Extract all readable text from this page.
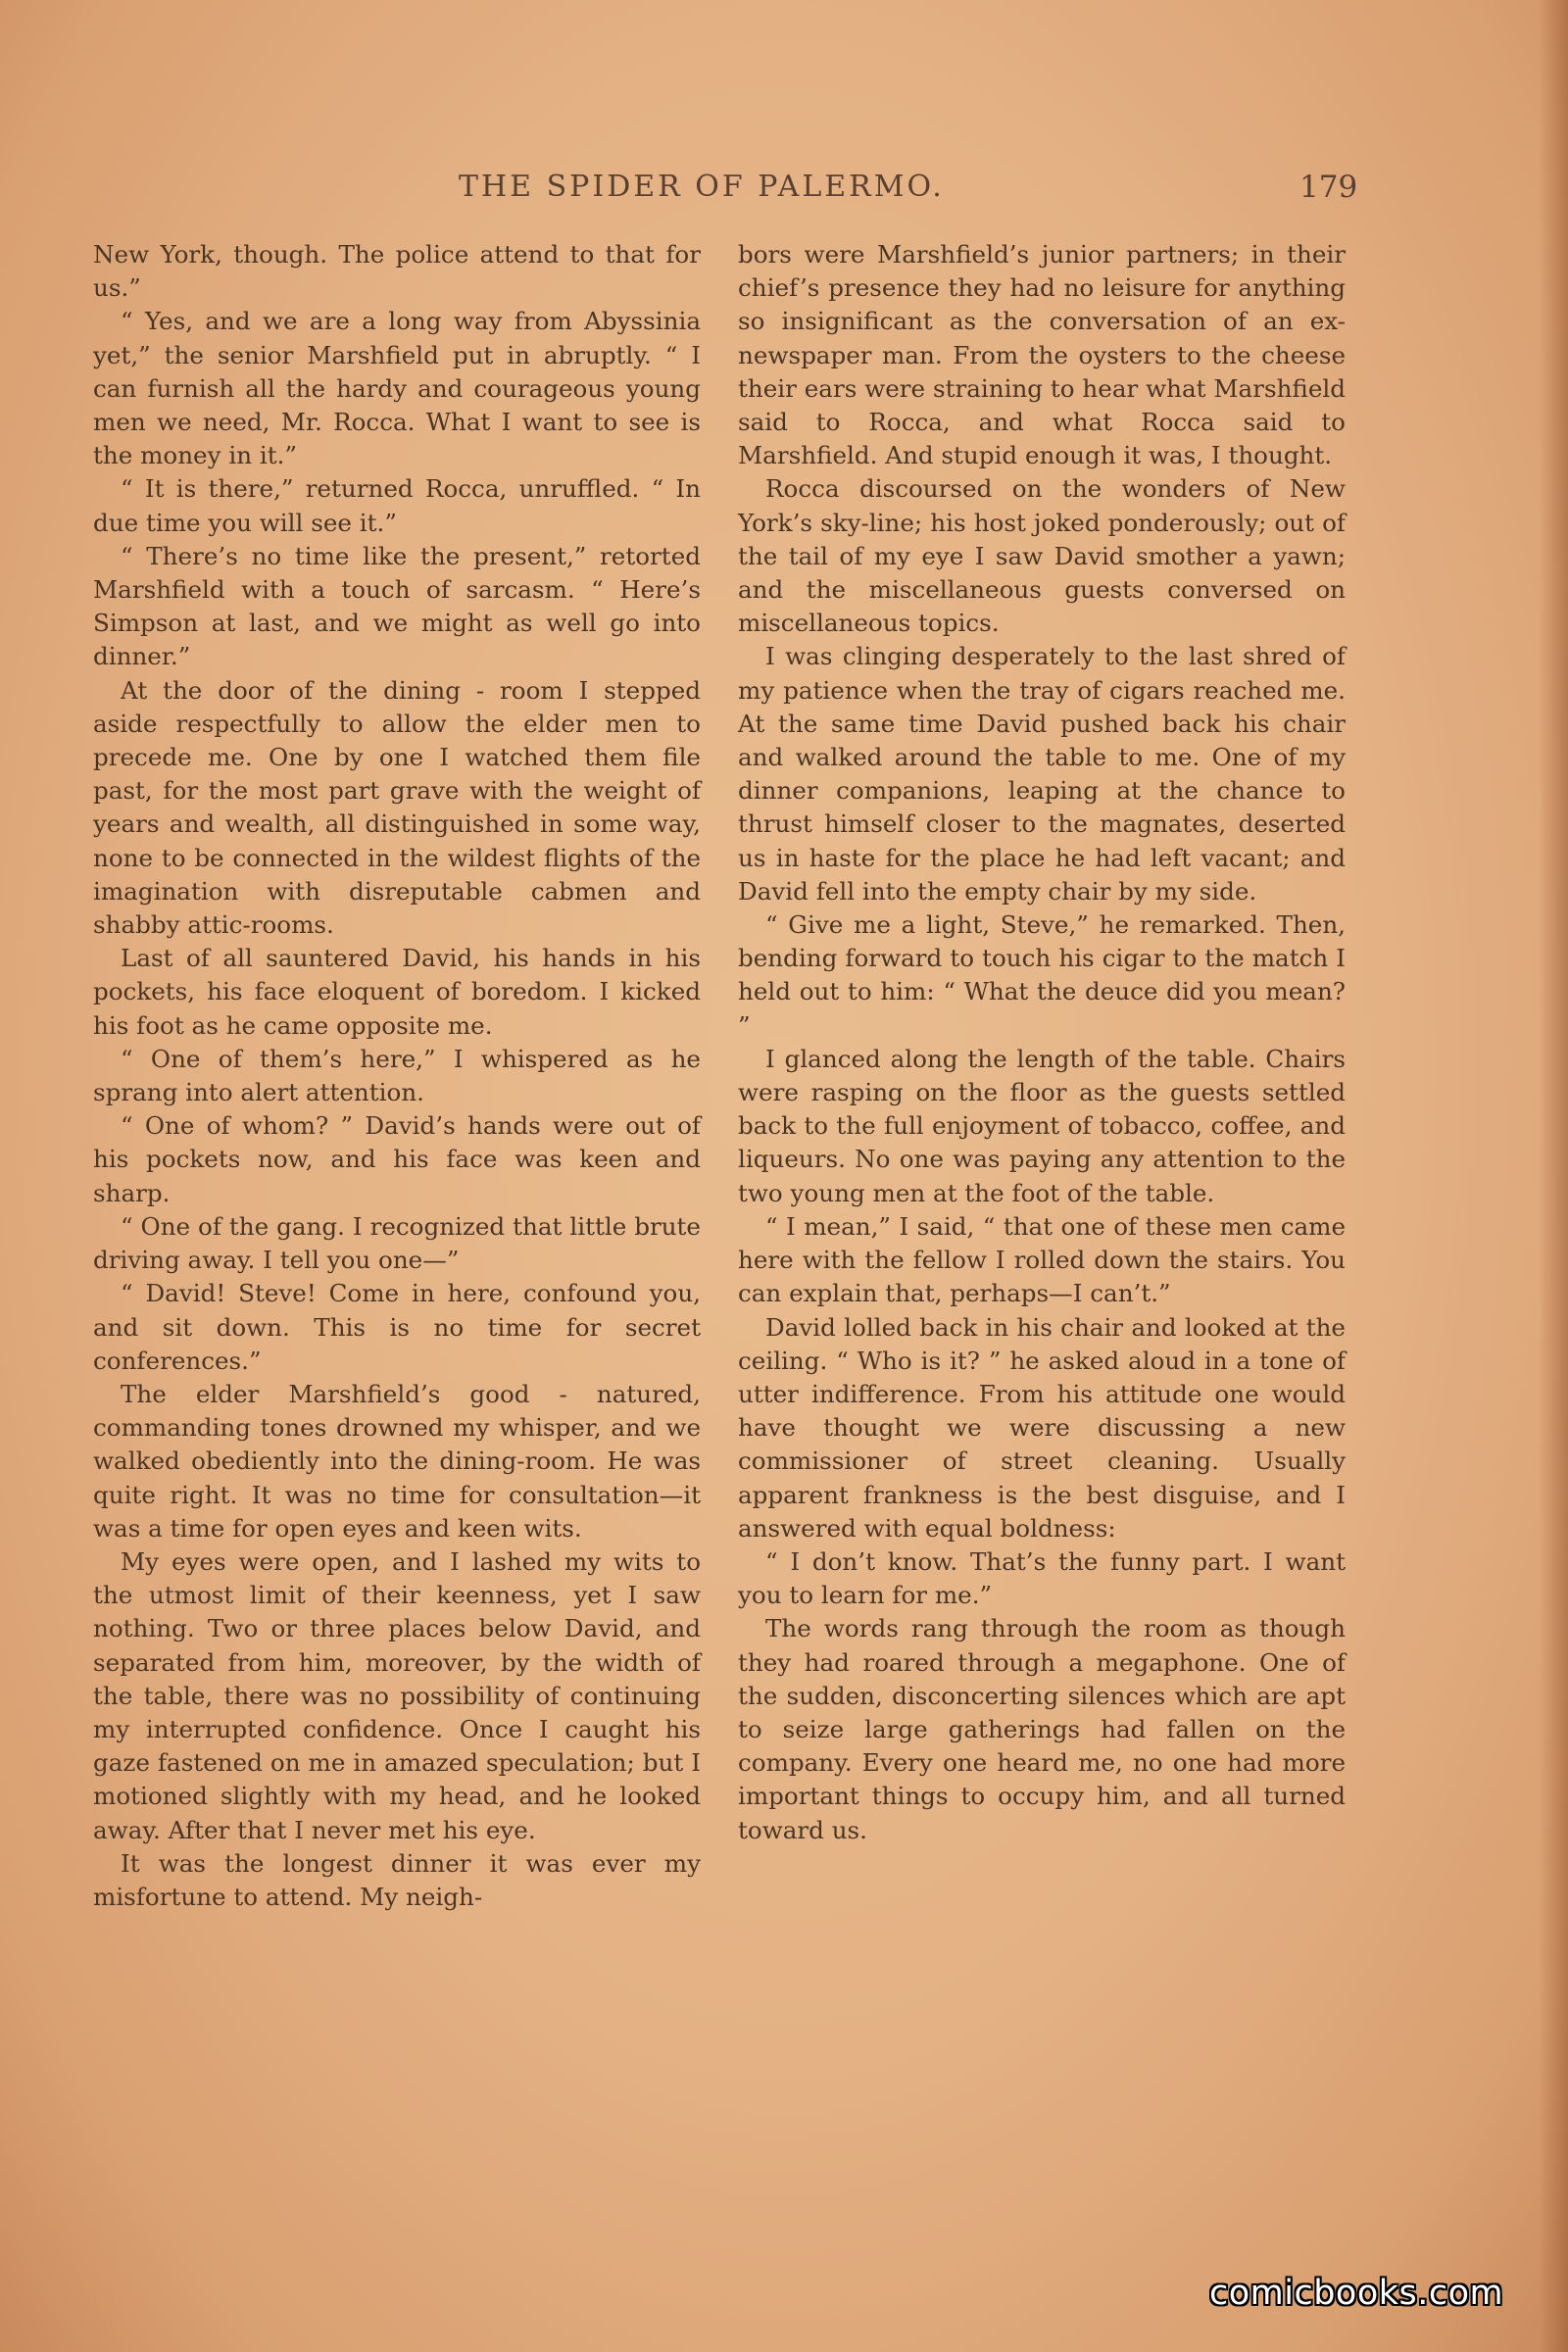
THE SPIDER OF PALERMO.	179

New York, though. The police attend to that for us.”

“ Yes, and we are a long way from Abyssinia yet,” the senior Marshfield put in abruptly. “ I can furnish all the hardy and courageous young men we need, Mr. Rocca. What I want to see is the money in it.”

“ It is there,” returned Rocca, unruffled. “ In due time you will see it.”

“ There’s no time like the present,” retorted Marshfield with a touch of sarcasm. “ Here’s Simpson at last, and we might as well go into dinner.”

At the door of the dining - room I stepped aside respectfully to allow the elder men to precede me. One by one I watched them file past, for the most part grave with the weight of years and wealth, all distinguished in some way, none to be connected in the wildest flights of the imagination with disreputable cabmen and shabby attic-rooms.

Last of all sauntered David, his hands in his pockets, his face eloquent of boredom. I kicked his foot as he came opposite me.

“ One of them’s here,” I whispered as he sprang into alert attention.

“ One of whom? ” David’s hands were out of his pockets now, and his face was keen and sharp.

“ One of the gang. I recognized that little brute driving away. I tell you one—”

“ David! Steve! Come in here, confound you, and sit down. This is no time for secret conferences.”

The elder Marshfield’s good - natured, commanding tones drowned my whisper, and we walked obediently into the dining-room. He was quite right. It was no time for consultation—it was a time for open eyes and keen wits.

My eyes were open, and I lashed my wits to the utmost limit of their keenness, yet I saw nothing. Two or three places below David, and separated from him, moreover, by the width of the table, there was no possibility of continuing my interrupted confidence. Once I caught his gaze fastened on me in amazed speculation; but I motioned slightly with my head, and he looked away. After that I never met his eye.

It was the longest dinner it was ever my misfortune to attend. My neigh-

bors were Marshfield’s junior partners; in their chief’s presence they had no leisure for anything so insignificant as the conversation of an ex-newspaper man. From the oysters to the cheese their ears were straining to hear what Marshfield said to Rocca, and what Rocca said to Marshfield. And stupid enough it was, I thought.

Rocca discoursed on the wonders of New York’s sky-line; his host joked ponderously; out of the tail of my eye I saw David smother a yawn; and the miscellaneous guests conversed on miscellaneous topics.

I was clinging desperately to the last shred of my patience when the tray of cigars reached me. At the same time David pushed back his chair and walked around the table to me. One of my dinner companions, leaping at the chance to thrust himself closer to the magnates, deserted us in haste for the place he had left vacant; and David fell into the empty chair by my side.

“ Give me a light, Steve,” he remarked. Then, bending forward to touch his cigar to the match I held out to him: “ What the deuce did you mean? ”

I glanced along the length of the table. Chairs were rasping on the floor as the guests settled back to the full enjoyment of tobacco, coffee, and liqueurs. No one was paying any attention to the two young men at the foot of the table.

“ I mean,” I said, “ that one of these men came here with the fellow I rolled down the stairs. You can explain that, perhaps—I can’t.”

David lolled back in his chair and looked at the ceiling. “ Who is it? ” he asked aloud in a tone of utter indifference. From his attitude one would have thought we were discussing a new commissioner of street cleaning. Usually apparent frankness is the best disguise, and I answered with equal boldness:

“ I don’t know. That’s the funny part. I want you to learn for me.”

The words rang through the room as though they had roared through a megaphone. One of the sudden, disconcerting silences which are apt to seize large gatherings had fallen on the company. Every one heard me, no one had more important things to occupy him, and all turned toward us.

comicbooks.com
